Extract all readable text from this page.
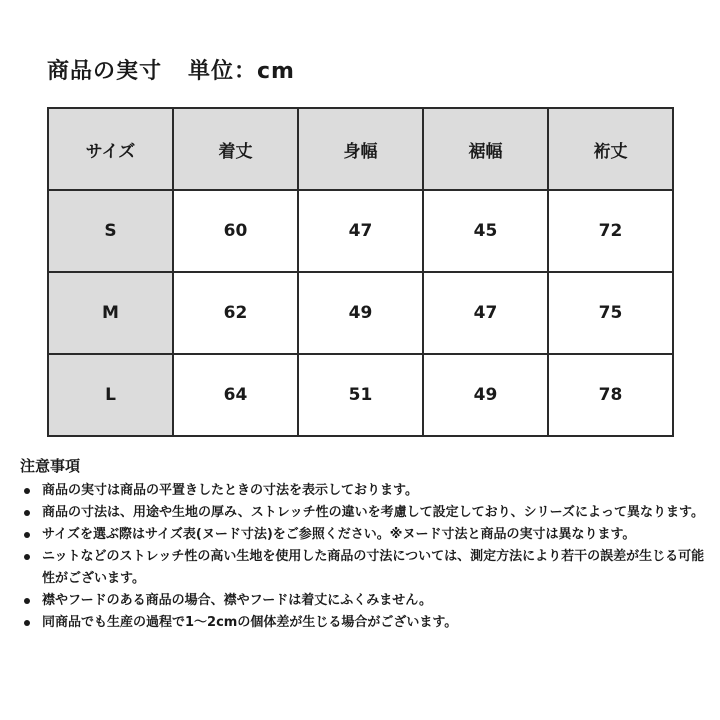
商品の実寸 単位：cm
サイズ	着丈	身幅	裾幅	裄丈
S	60	47	45	72
M	62	49	47	75
L	64	51	49	78
注意事項
商品の実寸は商品の平置きしたときの寸法を表示しております。
商品の寸法は、用途や生地の厚み、ストレッチ性の違いを考慮して設定しており、シリーズによって異なります。
サイズを選ぶ際はサイズ表(ヌード寸法)をご参照ください。※ヌード寸法と商品の実寸は異なります。
ニットなどのストレッチ性の高い生地を使用した商品の寸法については、測定方法により若干の誤差が生じる可能性がございます。
襟やフードのある商品の場合、襟やフードは着丈にふくみません。
同商品でも生産の過程で1〜2cmの個体差が生じる場合がございます。
